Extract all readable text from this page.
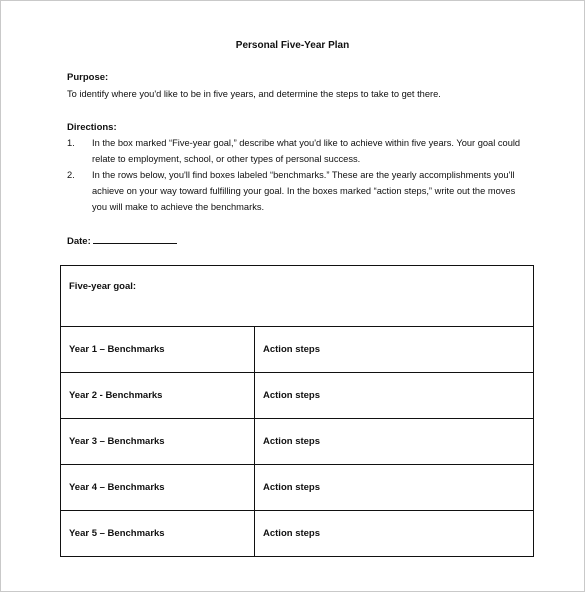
Personal Five-Year Plan
Purpose:
To identify where you'd like to be in five years, and determine the steps to take to get there.
Directions:
1. In the box marked “Five-year goal,” describe what you'd like to achieve within five years. Your goal could
relate to employment, school, or other types of personal success.
2. In the rows below, you'll find boxes labeled “benchmarks.” These are the yearly accomplishments you'll
achieve on your way toward fulfilling your goal. In the boxes marked “action steps,” write out the moves
you will make to achieve the benchmarks.
Date:
Five-year goal:	
Year 1 – Benchmarks	Action steps
Year 2 - Benchmarks	Action steps
Year 3 – Benchmarks	Action steps
Year 4 – Benchmarks	Action steps
Year 5 – Benchmarks	Action steps
